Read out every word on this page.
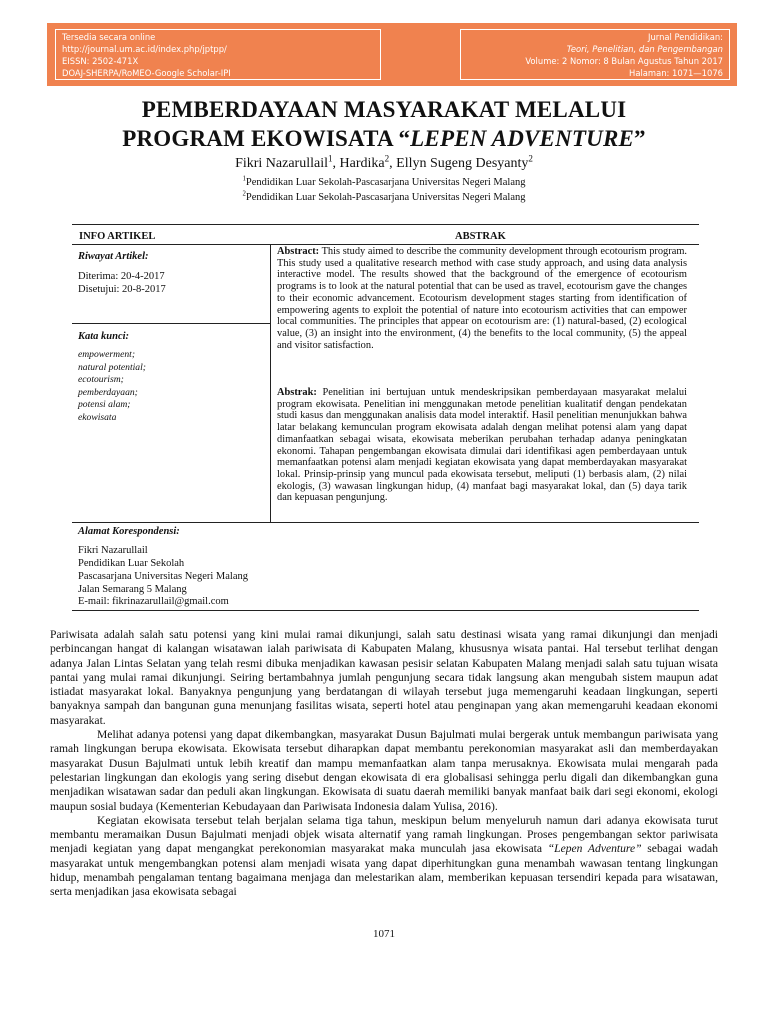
Tersedia secara online
http://journal.um.ac.id/index.php/jptpp/
EISSN: 2502-471X
DOAJ-SHERPA/RoMEO-Google Scholar-IPI
Jurnal Pendidikan:
Teori, Penelitian, dan Pengembangan
Volume: 2 Nomor: 8 Bulan Agustus Tahun 2017
Halaman: 1071—1076
PEMBERDAYAAN MASYARAKAT MELALUI
PROGRAM EKOWISATA “LEPEN ADVENTURE”
Fikri Nazarullail$^1$, Hardika$^2$, Ellyn Sugeng Desyanty$^2$
$^1$Pendidikan Luar Sekolah-Pascasarjana Universitas Negeri Malang
$^2$Pendidikan Luar Sekolah-Pascasarjana Universitas Negeri Malang
INFO ARTIKEL	ABSTRAK
Riwayat Artikel:
Diterima: 20-4-2017
Disetujui: 20-8-2017
Kata kunci:
empowerment;
natural potential;
ecotourism;
pemberdayaan;
potensi alam;
ekowisata

Abstract: This study aimed to describe the community development through ecotourism program. This study used a qualitative research method with case study approach, and using data analysis interactive model. The results showed that the background of the emergence of ecotourism programs is to look at the natural potential that can be used as travel, ecotourism gave the changes to their economic advancement. Ecotourism development stages starting from identification of empowering agents to exploit the potential of nature into ecotourism activities that can empower local communities. The principles that appear on ecotourism are: (1) natural-based, (2) ecological value, (3) an insight into the environment, (4) the benefits to the local community, (5) the appeal and visitor satisfaction.

Abstrak: Penelitian ini bertujuan untuk mendeskripsikan pemberdayaan masyarakat melalui program ekowisata. Penelitian ini menggunakan metode penelitian kualitatif dengan pendekatan studi kasus dan menggunakan analisis data model interaktif. Hasil penelitian menunjukkan bahwa latar belakang kemunculan program ekowisata adalah dengan melihat potensi alam yang dapat dimanfaatkan sebagai wisata, ekowisata meberikan perubahan terhadap adanya peningkatan ekonomi. Tahapan pengembangan ekowisata dimulai dari identifikasi agen pemberdayaan untuk memanfaatkan potensi alam menjadi kegiatan ekowisata yang dapat memberdayakan masyarakat lokal. Prinsip-prinsip yang muncul pada ekowisata tersebut, meliputi (1) berbasis alam, (2) nilai ekologis, (3) wawasan lingkungan hidup, (4) manfaat bagi masyarakat lokal, dan (5) daya tarik dan kepuasan pengunjung.

Alamat Korespondensi:
Fikri Nazarullail
Pendidikan Luar Sekolah
Pascasarjana Universitas Negeri Malang
Jalan Semarang 5 Malang
E-mail: fikrinazarullail@gmail.com

Pariwisata adalah salah satu potensi yang kini mulai ramai dikunjungi, salah satu destinasi wisata yang ramai dikunjungi dan menjadi perbincangan hangat di kalangan wisatawan ialah pariwisata di Kabupaten Malang, khususnya wisata pantai. Hal tersebut terlihat dengan adanya Jalan Lintas Selatan yang telah resmi dibuka menjadikan kawasan pesisir selatan Kabupaten Malang menjadi salah satu tujuan wisata pantai yang mulai ramai dikunjungi. Seiring bertambahnya jumlah pengunjung secara tidak langsung akan mengubah sistem maupun adat istiadat masyarakat lokal. Banyaknya pengunjung yang berdatangan di wilayah tersebut juga memengaruhi keadaan lingkungan, seperti banyaknya sampah dan bangunan guna menunjang fasilitas wisata, seperti hotel atau penginapan yang akan memengaruhi keadaan ekonomi masyarakat.

Melihat adanya potensi yang dapat dikembangkan, masyarakat Dusun Bajulmati mulai bergerak untuk membangun pariwisata yang ramah lingkungan berupa ekowisata. Ekowisata tersebut diharapkan dapat membantu perekonomian masyarakat asli dan memberdayakan masyarakat Dusun Bajulmati untuk lebih kreatif dan mampu memanfaatkan alam tanpa merusaknya. Ekowisata mulai mengarah pada pelestarian lingkungan dan ekologis yang sering disebut dengan ekowisata di era globalisasi sehingga perlu digali dan dikembangkan guna menjadikan wisatawan sadar dan peduli akan lingkungan. Ekowisata di suatu daerah memiliki banyak manfaat baik dari segi ekonomi, ekologi maupun sosial budaya (Kementerian Kebudayaan dan Pariwisata Indonesia dalam Yulisa, 2016).

Kegiatan ekowisata tersebut telah berjalan selama tiga tahun, meskipun belum menyeluruh namun dari adanya ekowisata turut membantu meramaikan Dusun Bajulmati menjadi objek wisata alternatif yang ramah lingkungan. Proses pengembangan sektor pariwisata menjadi kegiatan yang dapat mengangkat perekonomian masyarakat maka munculah jasa ekowisata “Lepen Adventure” sebagai wadah masyarakat untuk mengembangkan potensi alam menjadi wisata yang dapat diperhitungkan guna menambah wawasan tentang lingkungan hidup, menambah pengalaman tentang bagaimana menjaga dan melestarikan alam, memberikan kepuasan tersendiri kepada para wisatawan, serta menjadikan jasa ekowisata sebagai

1071
